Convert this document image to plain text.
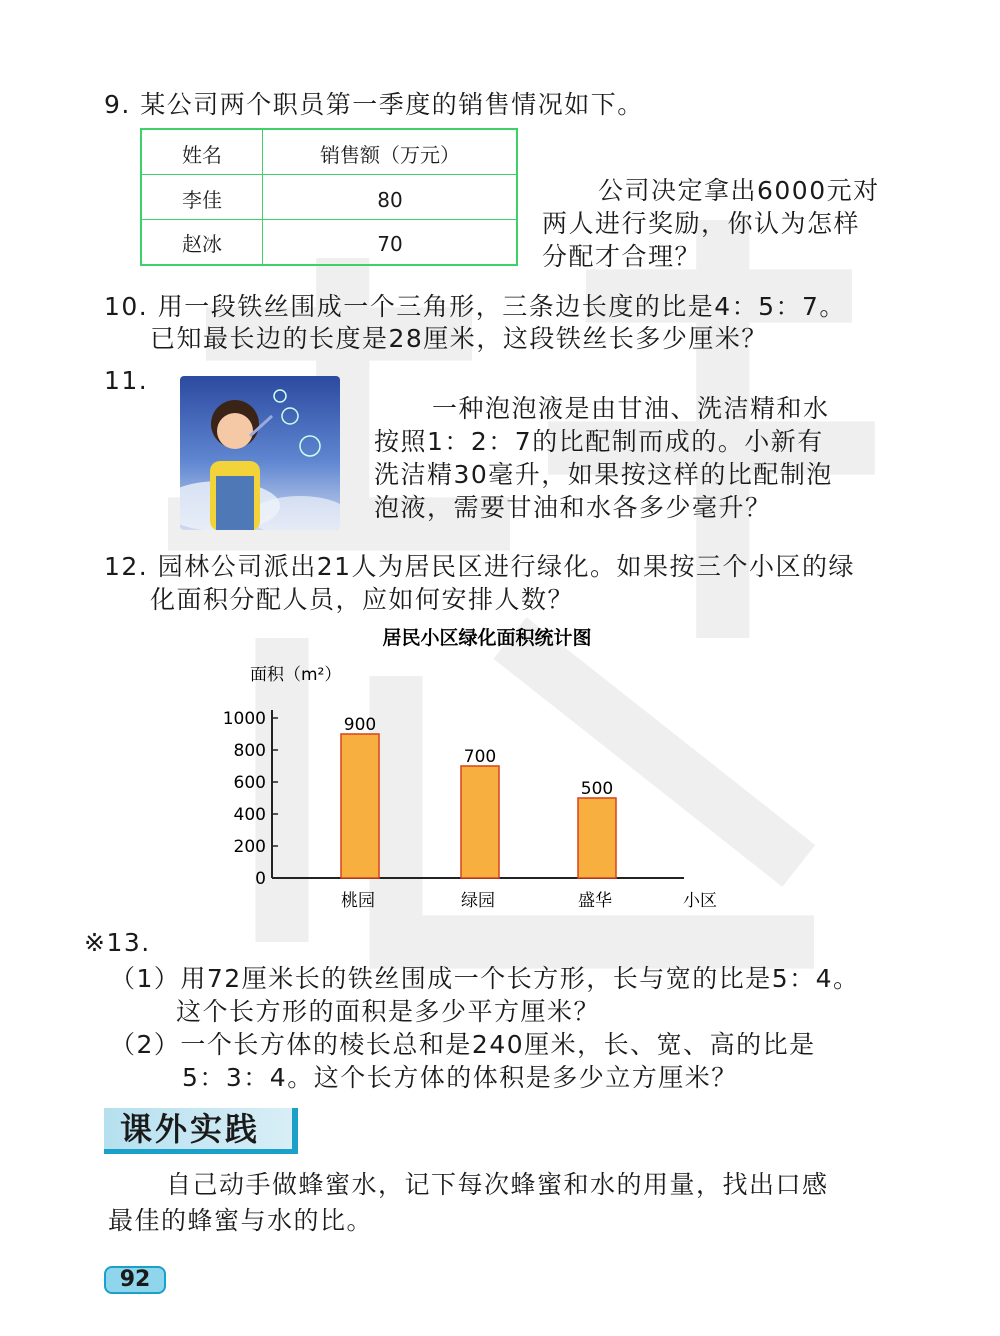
9. 某公司两个职员第一季度的销售情况如下。
姓名	销售额（万元）
李佳	80
赵冰	70
公司决定拿出6000元对
两人进行奖励，你认为怎样
分配才合理？
10. 用一段铁丝围成一个三角形，三条边长度的比是4：5：7。
已知最长边的长度是28厘米，这段铁丝长多少厘米？
11.
一种泡泡液是由甘油、洗洁精和水
按照1：2：7的比配制而成的。小新有
洗洁精30毫升，如果按这样的比配制泡
泡液，需要甘油和水各多少毫升？
12. 园林公司派出21人为居民区进行绿化。如果按三个小区的绿
化面积分配人员，应如何安排人数？
居民小区绿化面积统计图
面积（m²）
0
200
400
600
800
1000	900
桃园
700
绿园
500
盛华	小区
※13.
（1）用72厘米长的铁丝围成一个长方形，长与宽的比是5：4。
这个长方形的面积是多少平方厘米？
（2）一个长方体的棱长总和是240厘米，长、宽、高的比是
5：3：4。这个长方体的体积是多少立方厘米？
课外实践
自己动手做蜂蜜水，记下每次蜂蜜和水的用量，找出口感
最佳的蜂蜜与水的比。
92
